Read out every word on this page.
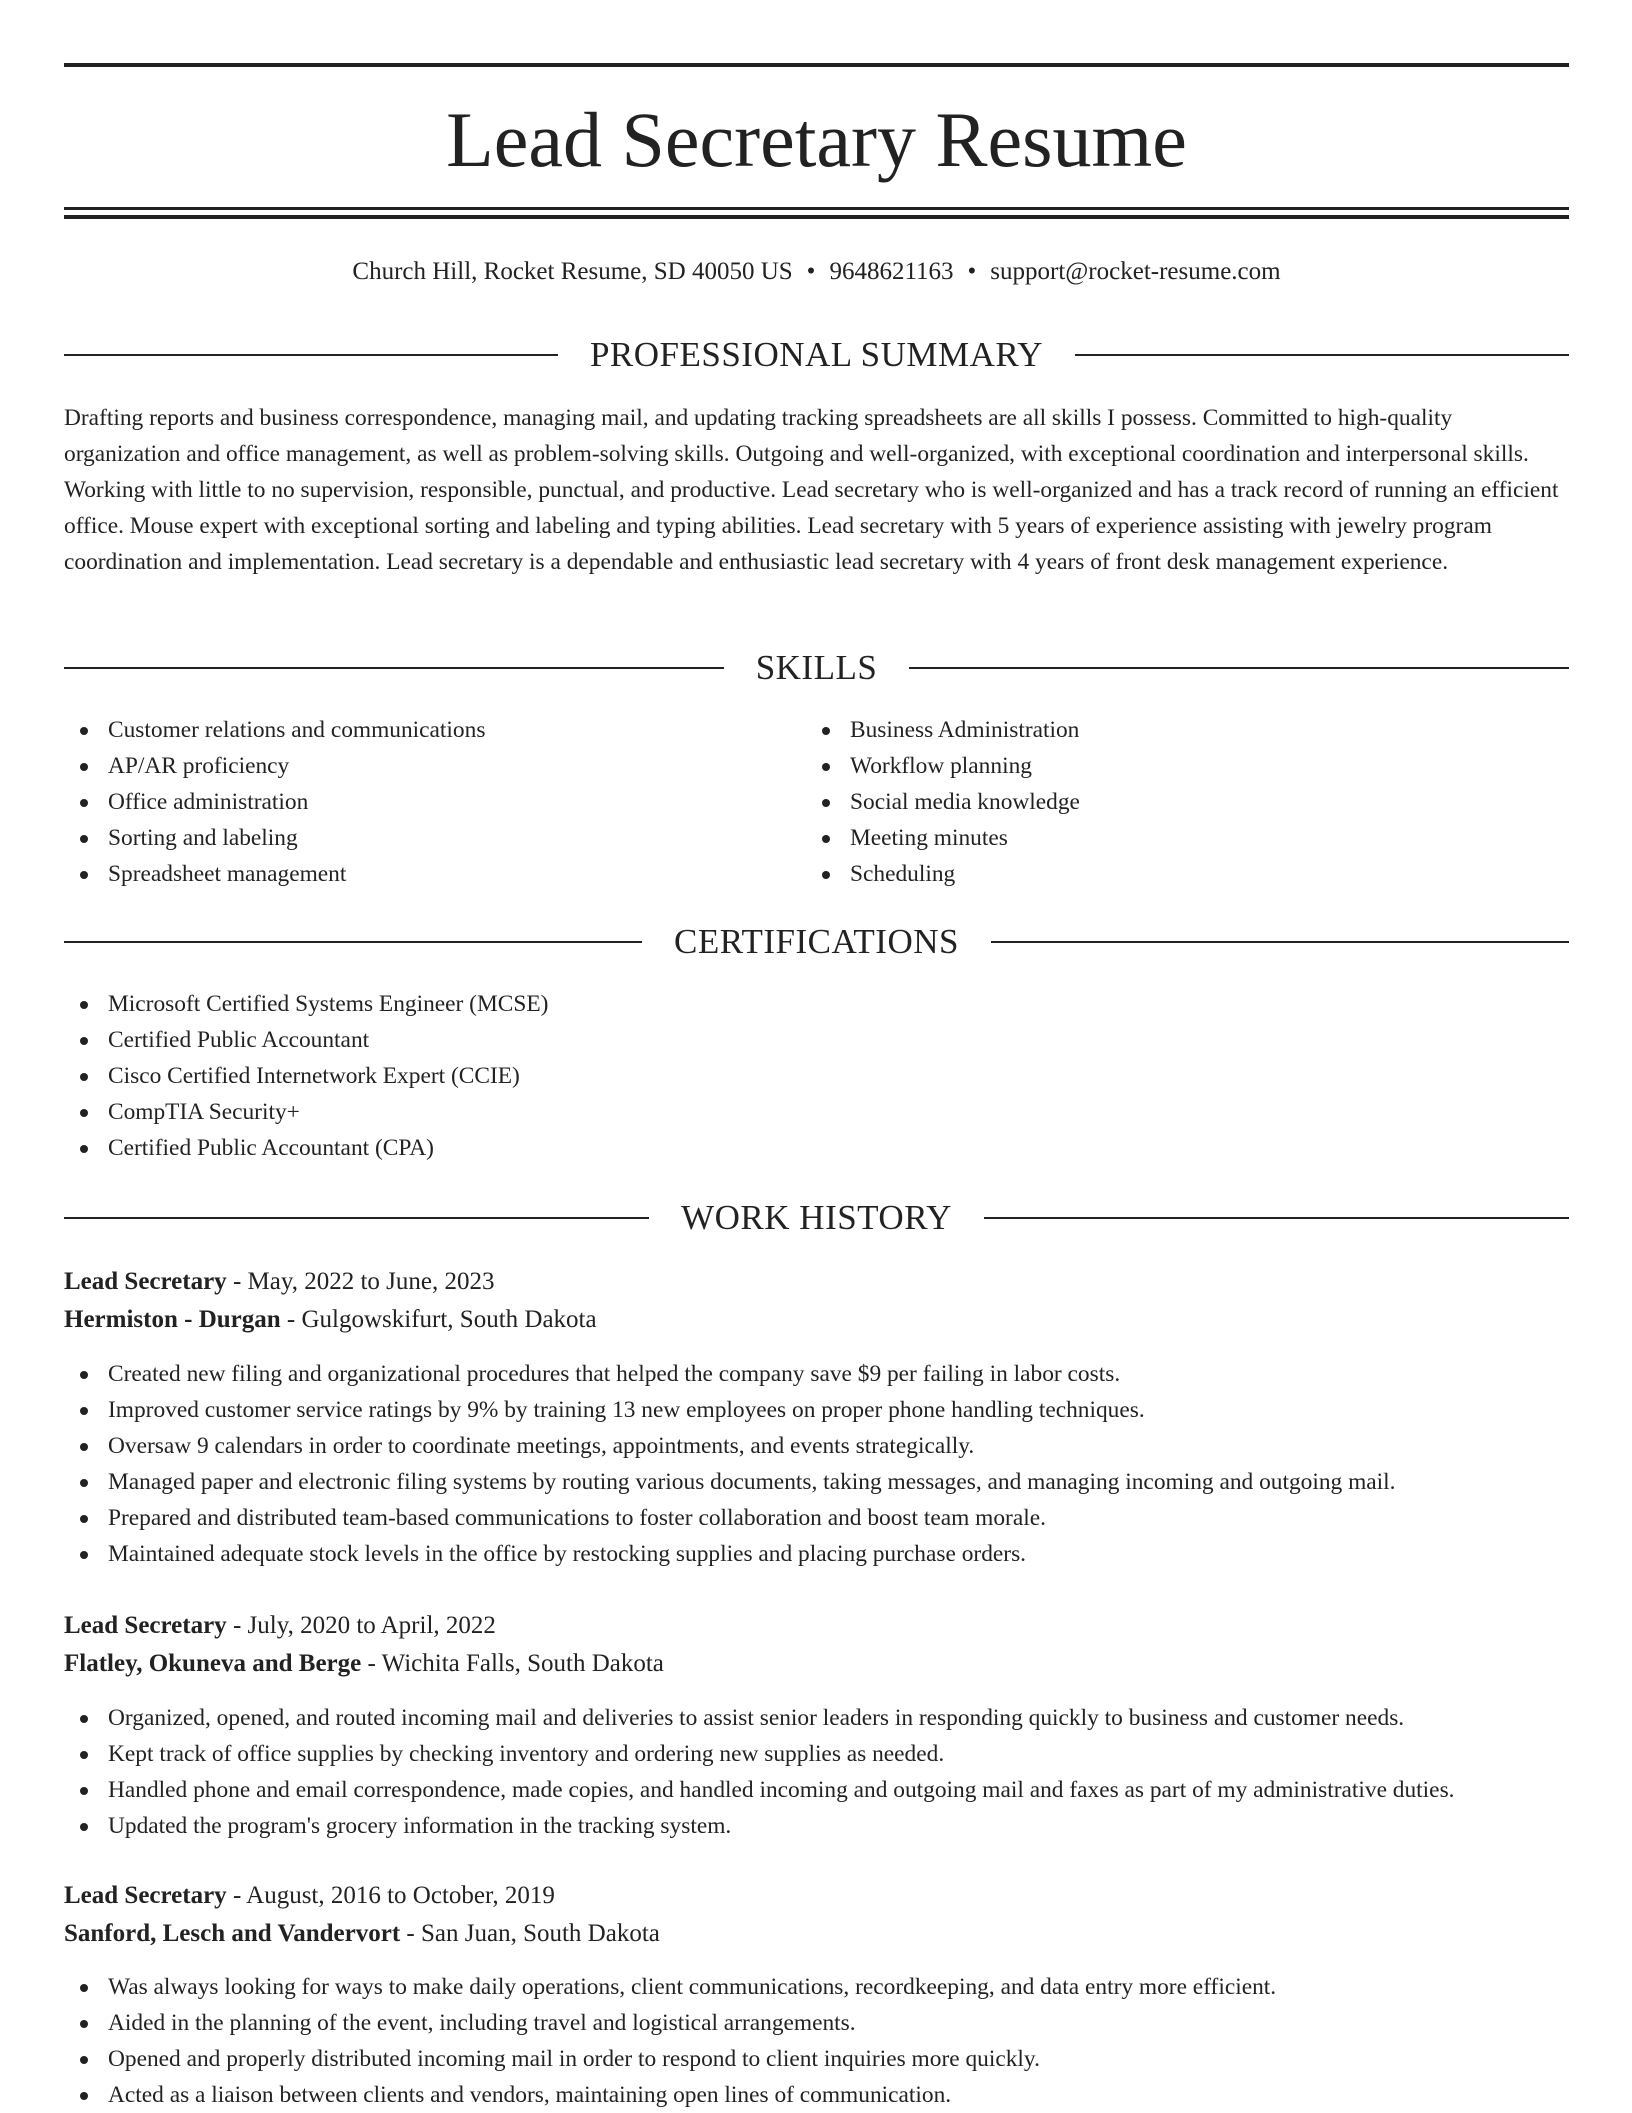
Lead Secretary Resume
Church Hill, Rocket Resume, SD 40050 US • 9648621163 • support@rocket-resume.com
PROFESSIONAL SUMMARY

Drafting reports and business correspondence, managing mail, and updating tracking spreadsheets are all skills I possess. Committed to high-quality organization and office management, as well as problem-solving skills. Outgoing and well-organized, with exceptional coordination and interpersonal skills. Working with little to no supervision, responsible, punctual, and productive. Lead secretary who is well-organized and has a track record of running an efficient office. Mouse expert with exceptional sorting and labeling and typing abilities. Lead secretary with 5 years of experience assisting with jewelry program coordination and implementation. Lead secretary is a dependable and enthusiastic lead secretary with 4 years of front desk management experience.

SKILLS
Customer relations and communications
AP/AR proficiency
Office administration
Sorting and labeling
Spreadsheet management
Business Administration
Workflow planning
Social media knowledge
Meeting minutes
Scheduling
CERTIFICATIONS
Microsoft Certified Systems Engineer (MCSE)
Certified Public Accountant
Cisco Certified Internetwork Expert (CCIE)
CompTIA Security+
Certified Public Accountant (CPA)
WORK HISTORY
Lead Secretary - May, 2022 to June, 2023
Hermiston - Durgan - Gulgowskifurt, South Dakota
Created new filing and organizational procedures that helped the company save $9 per failing in labor costs.
Improved customer service ratings by 9% by training 13 new employees on proper phone handling techniques.
Oversaw 9 calendars in order to coordinate meetings, appointments, and events strategically.
Managed paper and electronic filing systems by routing various documents, taking messages, and managing incoming and outgoing mail.
Prepared and distributed team-based communications to foster collaboration and boost team morale.
Maintained adequate stock levels in the office by restocking supplies and placing purchase orders.
Lead Secretary - July, 2020 to April, 2022
Flatley, Okuneva and Berge - Wichita Falls, South Dakota
Organized, opened, and routed incoming mail and deliveries to assist senior leaders in responding quickly to business and customer needs.
Kept track of office supplies by checking inventory and ordering new supplies as needed.
Handled phone and email correspondence, made copies, and handled incoming and outgoing mail and faxes as part of my administrative duties.
Updated the program's grocery information in the tracking system.
Lead Secretary - August, 2016 to October, 2019
Sanford, Lesch and Vandervort - San Juan, South Dakota
Was always looking for ways to make daily operations, client communications, recordkeeping, and data entry more efficient.
Aided in the planning of the event, including travel and logistical arrangements.
Opened and properly distributed incoming mail in order to respond to client inquiries more quickly.
Acted as a liaison between clients and vendors, maintaining open lines of communication.
